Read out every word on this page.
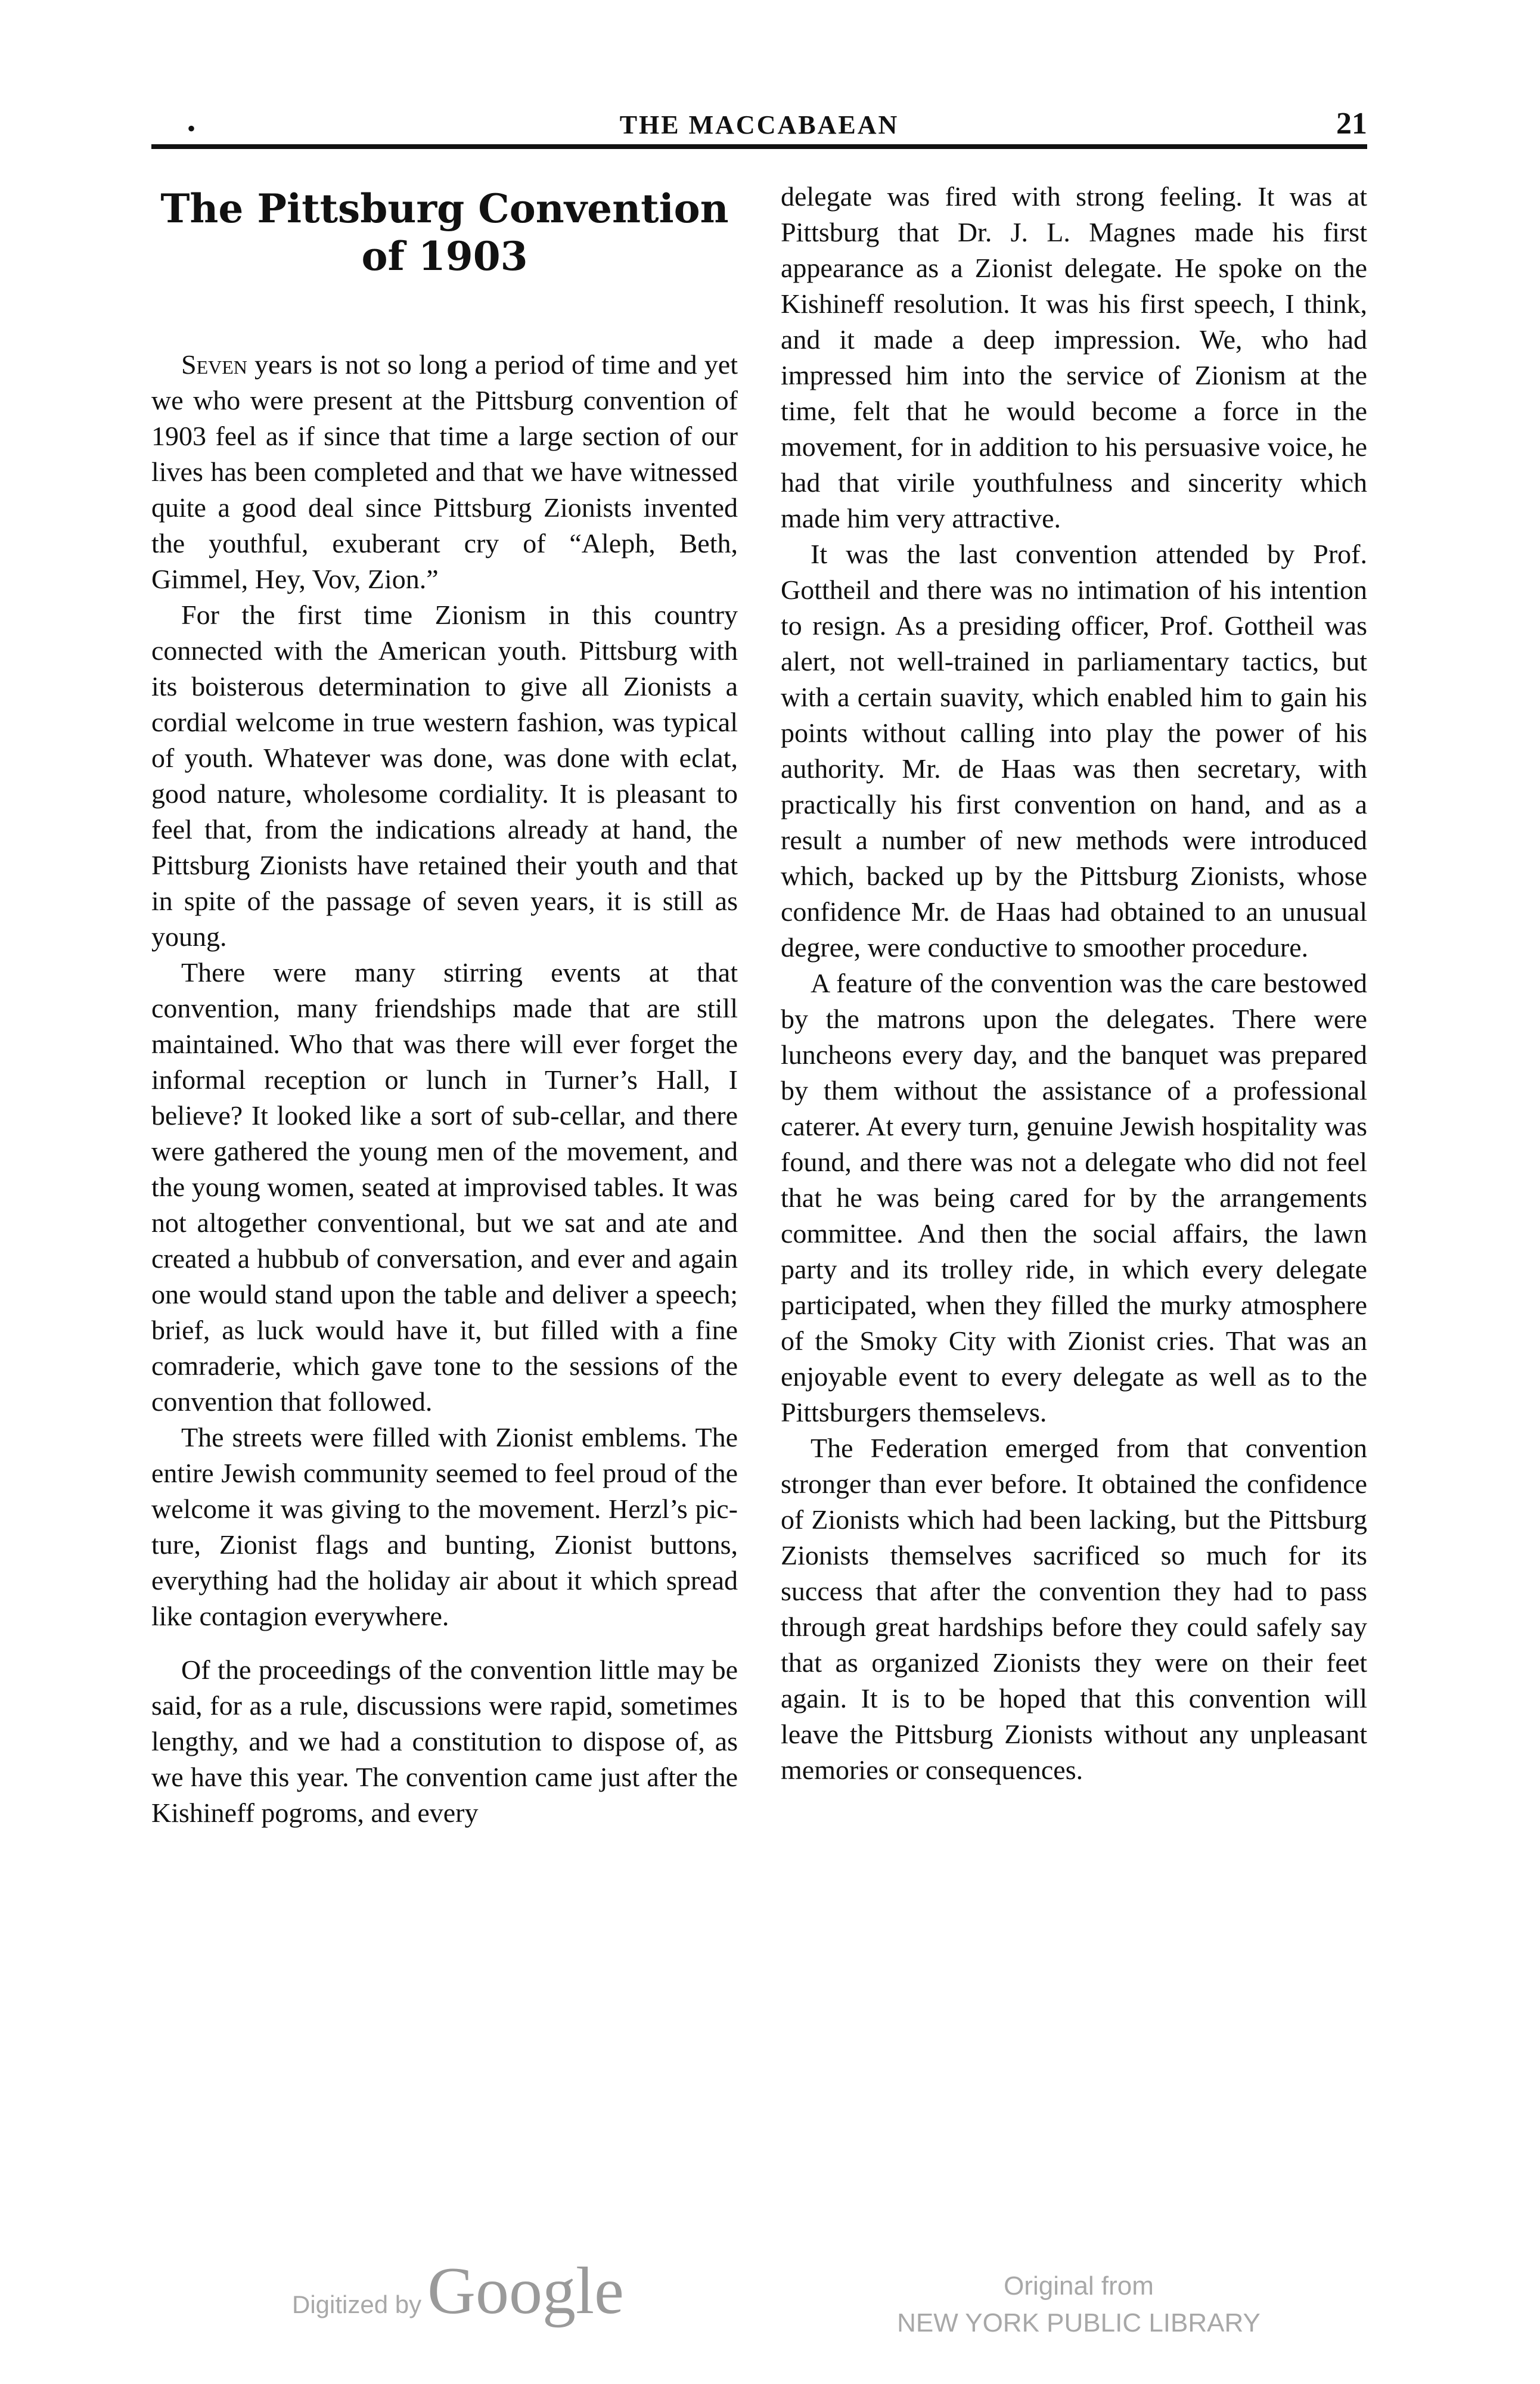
•	THE MACCABAEAN	21
The Pittsburg Convention of 1903

Seven years is not so long a period of time and yet we who were present at the Pittsburg convention of 1903 feel as if since that time a large section of our lives has been completed and that we have witnessed quite a good deal since Pittsburg Zionists invented the youthful, exuberant cry of “Aleph, Beth, Gimmel, Hey, Vov, Zion.”

For the first time Zionism in this country connected with the American youth. Pittsburg with its boisterous determination to give all Zionists a cordial welcome in true western fashion, was typical of youth. Whatever was done, was done with eclat, good nature, wholesome cordiality. It is pleasant to feel that, from the indications already at hand, the Pittsburg Zionists have retained their youth and that in spite of the passage of seven years, it is still as young.

There were many stirring events at that convention, many friendships made that are still maintained. Who that was there will ever forget the informal reception or lunch in Turner’s Hall, I believe? It looked like a sort of sub-cellar, and there were gathered the young men of the movement, and the young women, seated at improvised tables. It was not altogether conventional, but we sat and ate and created a hubbub of conversation, and ever and again one would stand upon the table and deliver a speech; brief, as luck would have it, but filled with a fine comraderie, which gave tone to the sessions of the convention that followed.

The streets were filled with Zionist emblems. The entire Jewish community seemed to feel proud of the welcome it was giving to the movement. Herzl’s picture, Zionist flags and bunting, Zionist buttons, everything had the holiday air about it which spread like contagion everywhere.

Of the proceedings of the convention little may be said, for as a rule, discussions were rapid, sometimes lengthy, and we had a constitution to dispose of, as we have this year. The convention came just after the Kishineff pogroms, and every

delegate was fired with strong feeling. It was at Pittsburg that Dr. J. L. Magnes made his first appearance as a Zionist delegate. He spoke on the Kishineff resolution. It was his first speech, I think, and it made a deep impression. We, who had impressed him into the service of Zionism at the time, felt that he would become a force in the movement, for in addition to his persuasive voice, he had that virile youthfulness and sincerity which made him very attractive.

It was the last convention attended by Prof. Gottheil and there was no intimation of his intention to resign. As a presiding officer, Prof. Gottheil was alert, not well-trained in parliamentary tactics, but with a certain suavity, which enabled him to gain his points without calling into play the power of his authority. Mr. de Haas was then secretary, with practically his first convention on hand, and as a result a number of new methods were introduced which, backed up by the Pittsburg Zionists, whose confidence Mr. de Haas had obtained to an unusual degree, were conductive to smoother procedure.

A feature of the convention was the care bestowed by the matrons upon the delegates. There were luncheons every day, and the banquet was prepared by them without the assistance of a professional caterer. At every turn, genuine Jewish hospitality was found, and there was not a delegate who did not feel that he was being cared for by the arrangements committee. And then the social affairs, the lawn party and its trolley ride, in which every delegate participated, when they filled the murky atmosphere of the Smoky City with Zionist cries. That was an enjoyable event to every delegate as well as to the Pittsburgers themselevs.

The Federation emerged from that convention stronger than ever before. It obtained the confidence of Zionists which had been lacking, but the Pittsburg Zionists themselves sacrificed so much for its success that after the convention they had to pass through great hardships before they could safely say that as organized Zionists they were on their feet again. It is to be hoped that this convention will leave the Pittsburg Zionists without any unpleasant memories or consequences.

Digitized byGoogle	Original from
NEW YORK PUBLIC LIBRARY
